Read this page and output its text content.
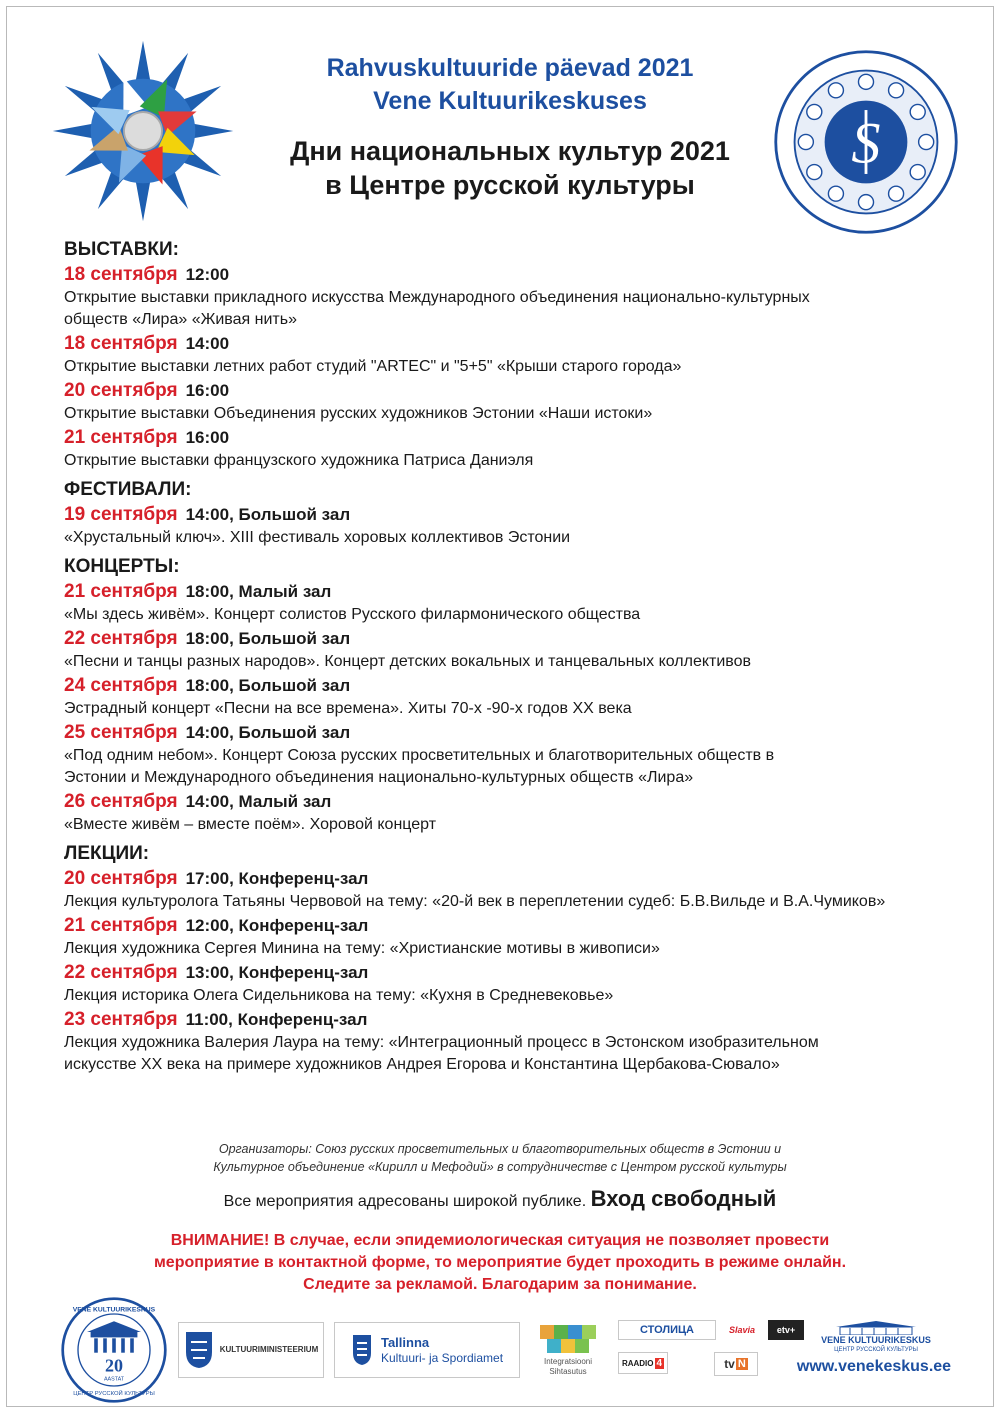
S
Rahvuskultuuride päevad 2021
Vene Kultuurikeskuses
Дни национальных культур 2021
в Центре русской культуры
ВЫСТАВКИ:
18 сентября 12:00
Открытие выставки прикладного искусства Международного объединения национально-культурных
обществ «Лира» «Живая нить»
18 сентября 14:00
Открытие выставки летних работ студий "ARTEC" и "5+5" «Крыши старого города»
20 сентября 16:00
Открытие выставки Объединения русских художников Эстонии «Наши истоки»
21 сентября 16:00
Открытие выставки французского художника Патриса Даниэля
ФЕСТИВАЛИ:
19 сентября 14:00, Большой зал
«Хрустальный ключ». XIII фестиваль хоровых коллективов Эстонии
КОНЦЕРТЫ:
21 сентября 18:00, Малый зал
«Мы здесь живём». Концерт солистов Русского филармонического общества
22 сентября 18:00, Большой зал
«Песни и танцы разных народов». Концерт детских вокальных и танцевальных коллективов
24 сентября 18:00, Большой зал
Эстрадный концерт «Песни на все времена». Хиты 70-х -90-х годов XX века
25 сентября 14:00, Большой зал
«Под одним небом». Концерт Союза русских просветительных и благотворительных обществ в
Эстонии и Международного объединения национально-культурных обществ «Лира»
26 сентября 14:00, Малый зал
«Вместе живём – вместе поём». Хоровой концерт
ЛЕКЦИИ:
20 сентября 17:00, Конференц-зал
Лекция культуролога Татьяны Червовой на тему: «20-й век в переплетении судеб: Б.В.Вильде и В.А.Чумиков»
21 сентября 12:00, Конференц-зал
Лекция художника Сергея Минина на тему: «Христианские мотивы в живописи»
22 сентября 13:00, Конференц-зал
Лекция историка Олега Сидельникова на тему: «Кухня в Средневековье»
23 сентября 11:00, Конференц-зал
Лекция художника Валерия Лаура на тему: «Интеграционный процесс в Эстонском изобразительном
искусстве XX века на примере художников Андрея Егорова и Константина Щербакова-Сювало»
Организаторы: Союз русских просветительных и благотворительных обществ в Эстонии и
Культурное объединение «Кирилл и Мефодий» в сотрудничестве с Центром русской культуры
Все мероприятия адресованы широкой публике. Вход свободный
ВНИМАНИЕ! В случае, если эпидемиологическая ситуация не позволяет провести
мероприятие в контактной форме, то мероприятие будет проходить в режиме онлайн.
Следите за рекламой. Благодарим за понимание.
20
AASTAT
VENE KULTUURIKESKUS
ЦЕНТР РУССКОЙ КУЛЬТУРЫ
KULTUURIMINISTEERIUM	Tallinna
Kultuuri- ja Spordiamet	Integratsiooni
Sihtasutus
СТОЛИЦА
RAADIO 4
Slavia etv+
tv N
VENE KULTUURIKESKUS
ЦЕНТР РУССКОЙ КУЛЬТУРЫ
www.venekeskus.ee
